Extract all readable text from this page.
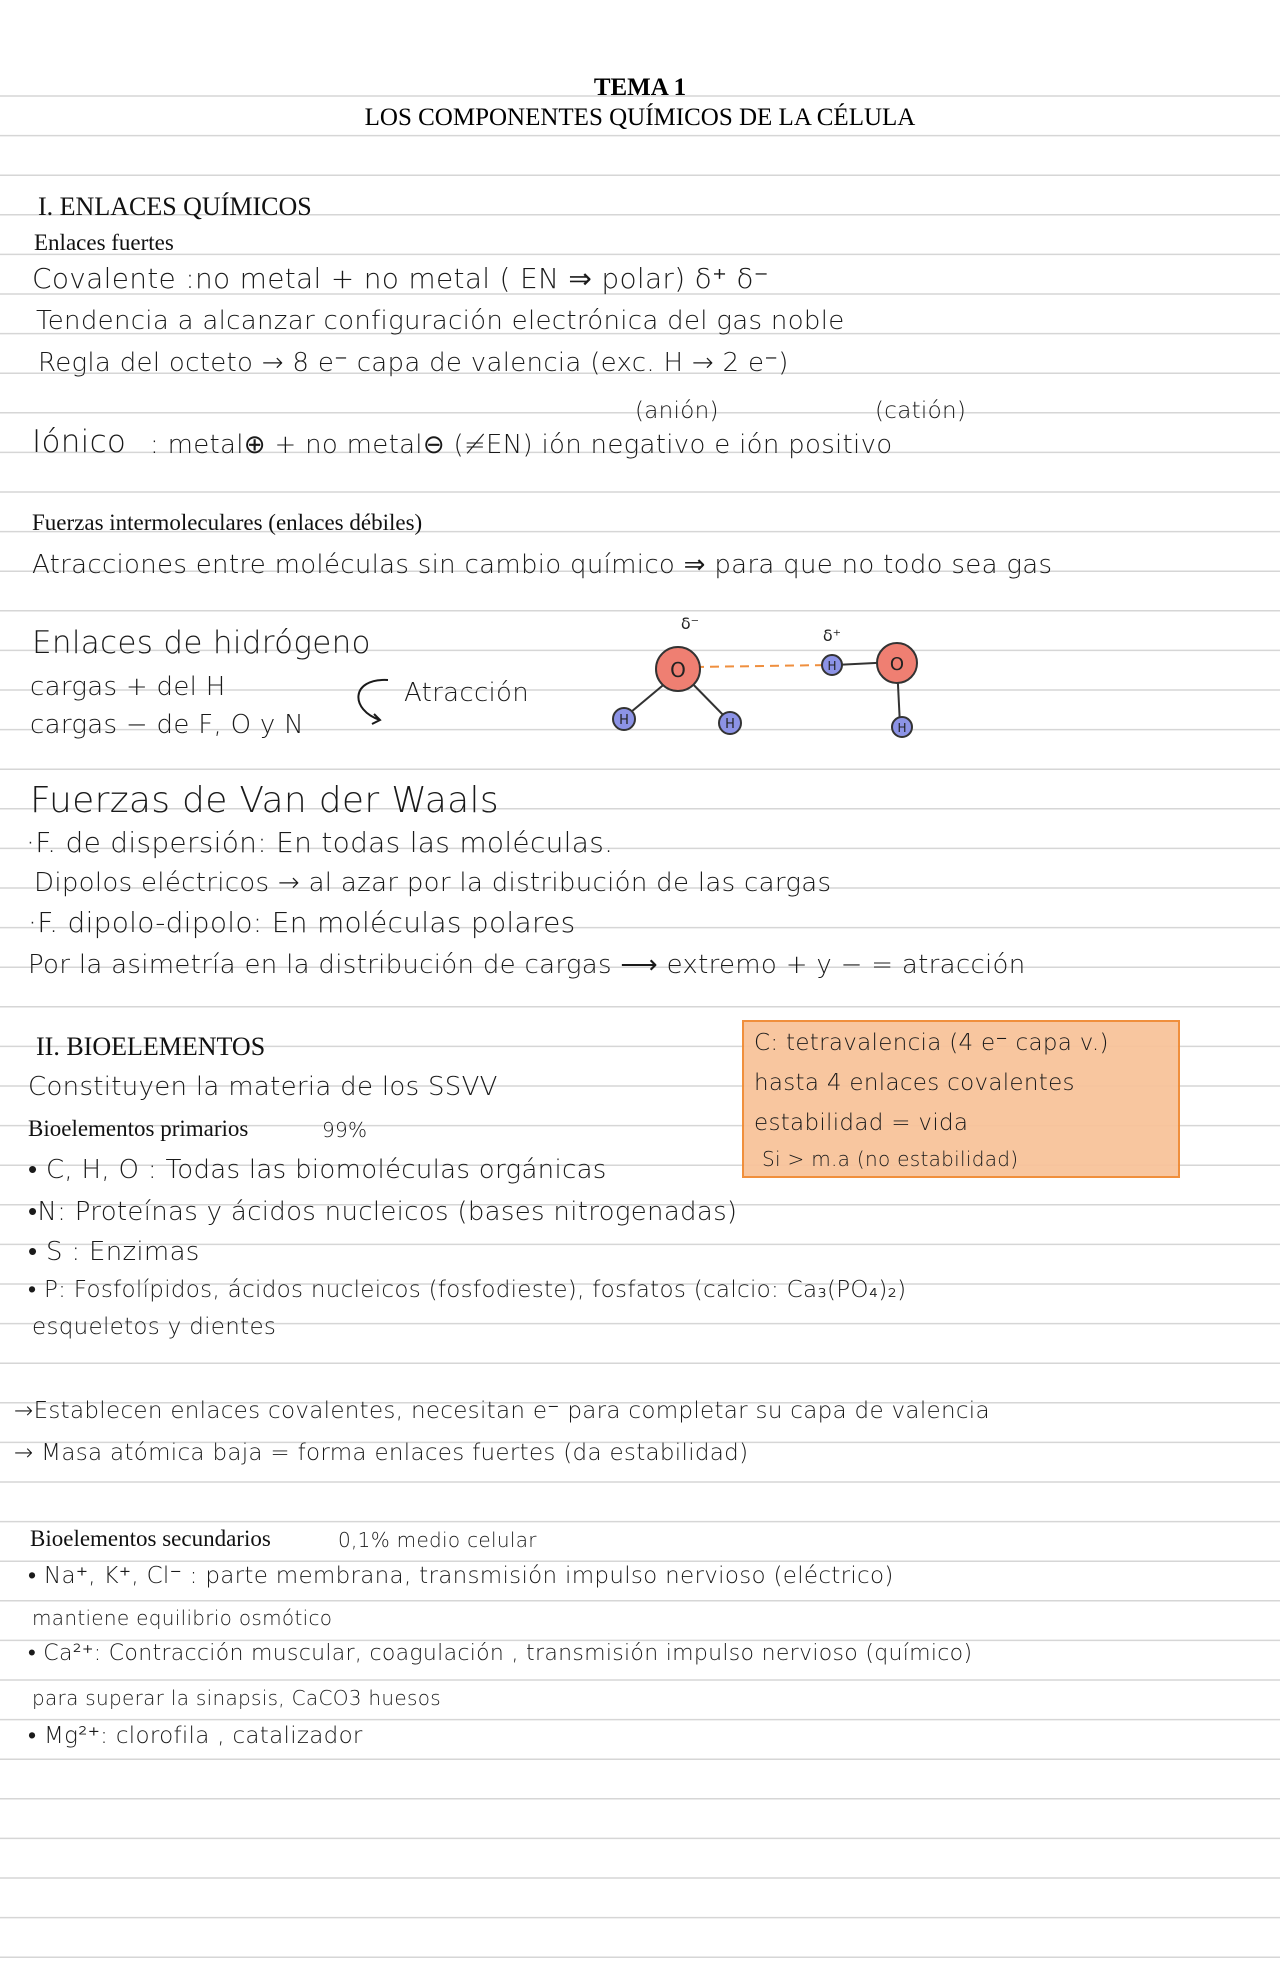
TEMA 1
LOS COMPONENTES QUÍMICOS DE LA CÉLULA
I. ENLACES QUÍMICOS
Enlaces fuertes
Covalente :no metal + no metal ( EN ⇒ polar) δ⁺ δ⁻
Tendencia a alcanzar configuración electrónica del gas noble
Regla del octeto → 8 e⁻ capa de valencia (exc. H → 2 e⁻)
(anión)	(catión)
Iónico : metal⊕ + no metal⊖ (≠EN) ión negativo e ión positivo
Fuerzas intermoleculares (enlaces débiles)
Atracciones entre moléculas sin cambio químico ⇒ para que no todo sea gas
Enlaces de hidrógeno
cargas + del H
cargas − de F, O y N
Atracción
O
H	H
H	O
H
δ⁻
δ⁺
Fuerzas de Van der Waals
·F. de dispersión: En todas las moléculas.
Dipolos eléctricos → al azar por la distribución de las cargas
·F. dipolo-dipolo: En moléculas polares
Por la asimetría en la distribución de cargas ⟶ extremo + y − = atracción
II. BIOELEMENTOS	C: tetravalencia (4 e⁻ capa v.)
hasta 4 enlaces covalentes
estabilidad = vida
Si > m.a (no estabilidad)
Constituyen la materia de los SSVV
Bioelementos primarios	99%
• C, H, O : Todas las biomoléculas orgánicas
•N: Proteínas y ácidos nucleicos (bases nitrogenadas)
• S : Enzimas
• P: Fosfolípidos, ácidos nucleicos (fosfodieste), fosfatos (calcio: Ca₃(PO₄)₂)
esqueletos y dientes
→Establecen enlaces covalentes, necesitan e⁻ para completar su capa de valencia
→ Masa atómica baja = forma enlaces fuertes (da estabilidad)
Bioelementos secundarios	0,1% medio celular
• Na⁺, K⁺, Cl⁻ : parte membrana, transmisión impulso nervioso (eléctrico)
mantiene equilibrio osmótico
• Ca²⁺: Contracción muscular, coagulación , transmisión impulso nervioso (químico)
para superar la sinapsis, CaCO3 huesos
• Mg²⁺: clorofila , catalizador
